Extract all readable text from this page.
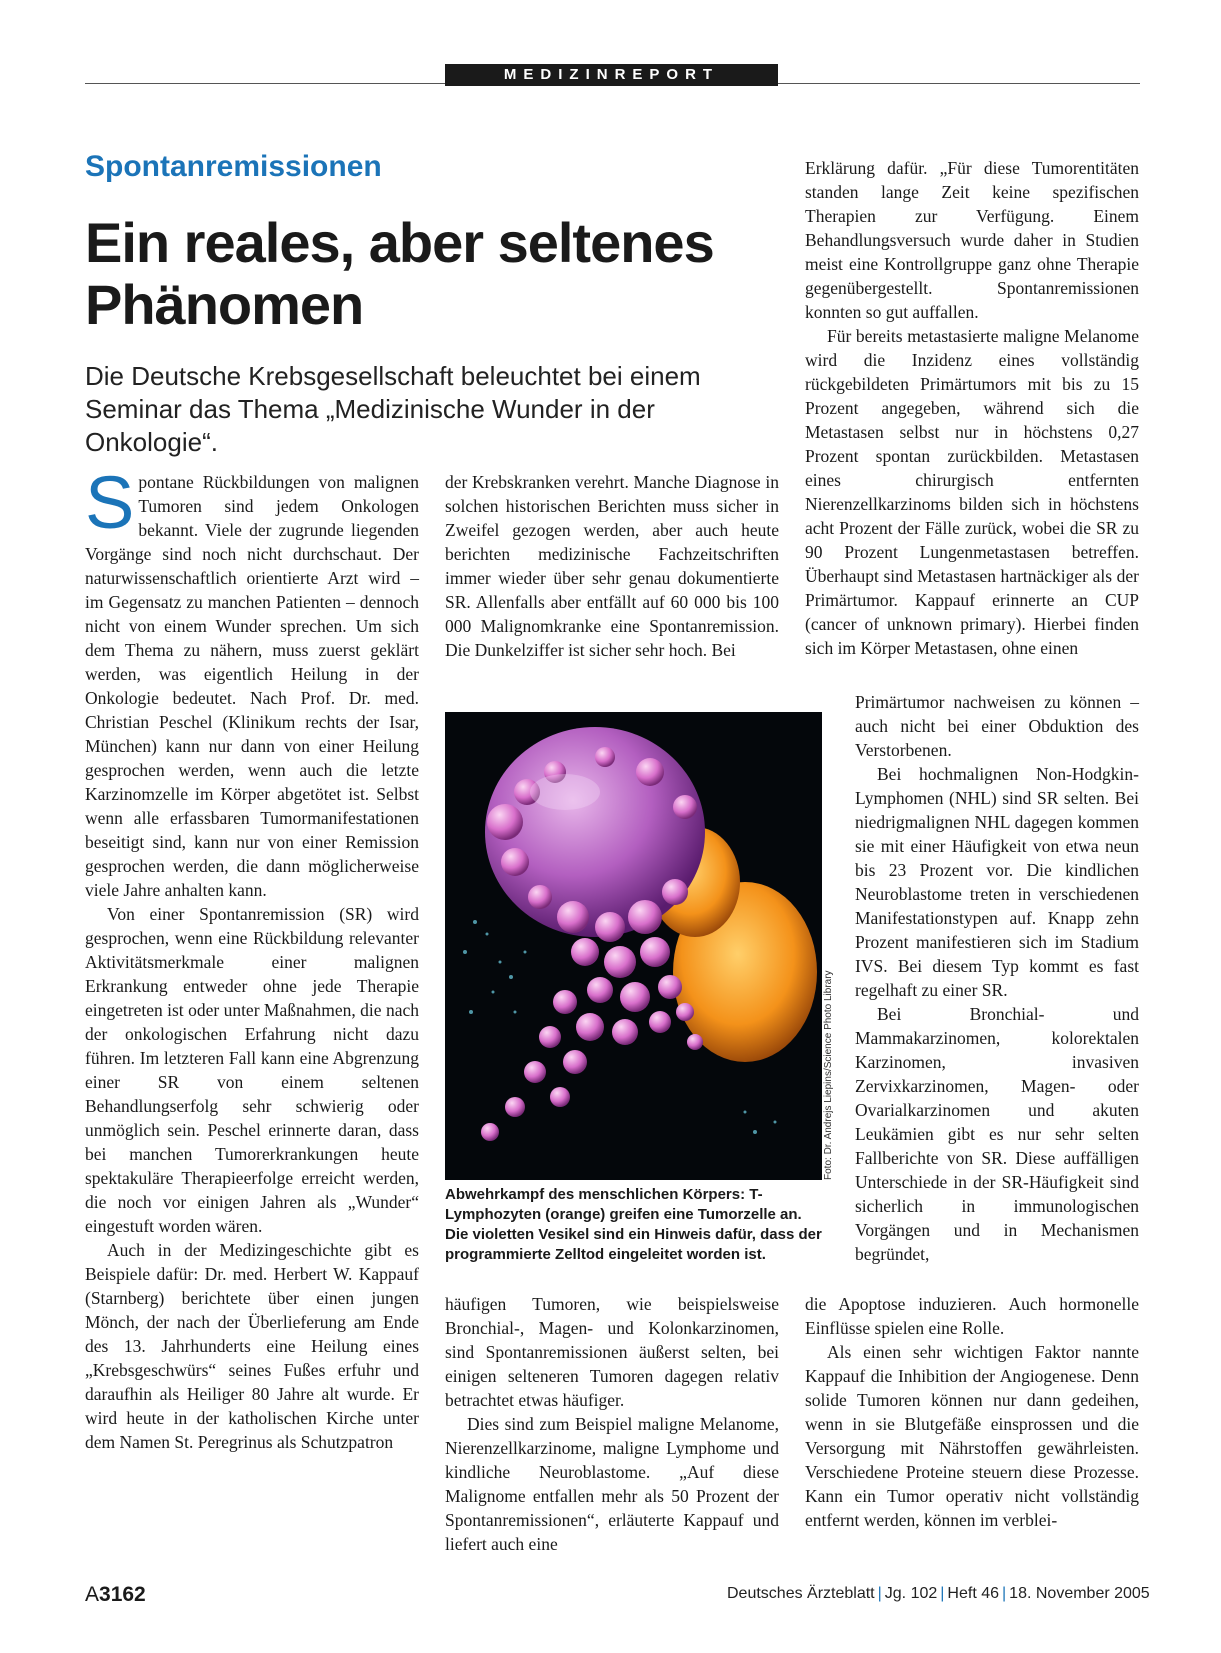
MEDIZINREPORT
Spontanremissionen
Ein reales, aber seltenes Phänomen
Die Deutsche Krebsgesellschaft beleuchtet bei einem Seminar das Thema „Medizinische Wunder in der Onkologie“.

Spontane Rückbildungen von malignen Tumoren sind jedem Onkologen bekannt. Viele der zugrunde liegenden Vorgänge sind noch nicht durchschaut. Der naturwissenschaftlich orientierte Arzt wird – im Gegensatz zu manchen Patienten – dennoch nicht von einem Wunder sprechen. Um sich dem Thema zu nähern, muss zuerst geklärt werden, was eigentlich Heilung in der Onkologie bedeutet. Nach Prof. Dr. med. Christian Peschel (Klinikum rechts der Isar, München) kann nur dann von einer Heilung gesprochen werden, wenn auch die letzte Karzinomzelle im Körper abgetötet ist. Selbst wenn alle erfassbaren Tumormanifestationen beseitigt sind, kann nur von einer Remission gesprochen werden, die dann möglicherweise viele Jahre anhalten kann.

Von einer Spontanremission (SR) wird gesprochen, wenn eine Rückbildung relevanter Aktivitätsmerkmale einer malignen Erkrankung entweder ohne jede Therapie eingetreten ist oder unter Maßnahmen, die nach der onkologischen Erfahrung nicht dazu führen. Im letzteren Fall kann eine Abgrenzung einer SR von einem seltenen Behandlungserfolg sehr schwierig oder unmöglich sein. Peschel erinnerte daran, dass bei manchen Tumorerkrankungen heute spektakuläre Therapieerfolge erreicht werden, die noch vor einigen Jahren als „Wunder“ eingestuft worden wären.

Auch in der Medizingeschichte gibt es Beispiele dafür: Dr. med. Herbert W. Kappauf (Starnberg) berichtete über einen jungen Mönch, der nach der Überlieferung am Ende des 13. Jahrhunderts eine Heilung eines „Krebsgeschwürs“ seines Fußes erfuhr und daraufhin als Heiliger 80 Jahre alt wurde. Er wird heute in der katholischen Kirche unter dem Namen St. Peregrinus als Schutzpatron

der Krebskranken verehrt. Manche Diagnose in solchen historischen Berichten muss sicher in Zweifel gezogen werden, aber auch heute berichten medizinische Fachzeitschriften immer wieder über sehr genau dokumentierte SR. Allenfalls aber entfällt auf 60 000 bis 100 000 Malignomkranke eine Spontanremission. Die Dunkelziffer ist sicher sehr hoch. Bei

Foto: Dr. Andrejs Liepins/Science Photo Library
Abwehrkampf des menschlichen Körpers: T-Lymphozyten (orange) greifen eine Tumorzelle an. Die violetten Vesikel sind ein Hinweis dafür, dass der programmierte Zelltod eingeleitet worden ist.

häufigen Tumoren, wie beispielsweise Bronchial-, Magen- und Kolonkarzinomen, sind Spontanremissionen äußerst selten, bei einigen selteneren Tumoren dagegen relativ betrachtet etwas häufiger.

Dies sind zum Beispiel maligne Melanome, Nierenzellkarzinome, maligne Lymphome und kindliche Neuroblastome. „Auf diese Malignome entfallen mehr als 50 Prozent der Spontanremissionen“, erläuterte Kappauf und liefert auch eine

Erklärung dafür. „Für diese Tumorentitäten standen lange Zeit keine spezifischen Therapien zur Verfügung. Einem Behandlungsversuch wurde daher in Studien meist eine Kontrollgruppe ganz ohne Therapie gegenübergestellt. Spontanremissionen konnten so gut auffallen.

Für bereits metastasierte maligne Melanome wird die Inzidenz eines vollständig rückgebildeten Primärtumors mit bis zu 15 Prozent angegeben, während sich die Metastasen selbst nur in höchstens 0,27 Prozent spontan zurückbilden. Metastasen eines chirurgisch entfernten Nierenzellkarzinoms bilden sich in höchstens acht Prozent der Fälle zurück, wobei die SR zu 90 Prozent Lungenmetastasen betreffen. Überhaupt sind Metastasen hartnäckiger als der Primärtumor. Kappauf erinnerte an CUP (cancer of unknown primary). Hierbei finden sich im Körper Metastasen, ohne einen

Primärtumor nachweisen zu können – auch nicht bei einer Obduktion des Verstorbenen.

Bei hochmalignen Non-Hodgkin-Lymphomen (NHL) sind SR selten. Bei niedrigmalignen NHL dagegen kommen sie mit einer Häufigkeit von etwa neun bis 23 Prozent vor. Die kindlichen Neuroblastome treten in verschiedenen Manifestationstypen auf. Knapp zehn Prozent manifestieren sich im Stadium IVS. Bei diesem Typ kommt es fast regelhaft zu einer SR.

Bei Bronchial- und Mammakarzinomen, kolorektalen Karzinomen, invasiven Zervixkarzinomen, Magen- oder Ovarialkarzinomen und akuten Leukämien gibt es nur sehr selten Fallberichte von SR. Diese auffälligen Unterschiede in der SR-Häufigkeit sind sicherlich in immunologischen Vorgängen und in Mechanismen begründet,

die Apoptose induzieren. Auch hormonelle Einflüsse spielen eine Rolle.

Als einen sehr wichtigen Faktor nannte Kappauf die Inhibition der Angiogenese. Denn solide Tumoren können nur dann gedeihen, wenn in sie Blutgefäße einsprossen und die Versorgung mit Nährstoffen gewährleisten. Verschiedene Proteine steuern diese Prozesse. Kann ein Tumor operativ nicht vollständig entfernt werden, können im verblei-

A3162	Deutsches Ärzteblatt | Jg. 102 | Heft 46 | 18. November 2005
